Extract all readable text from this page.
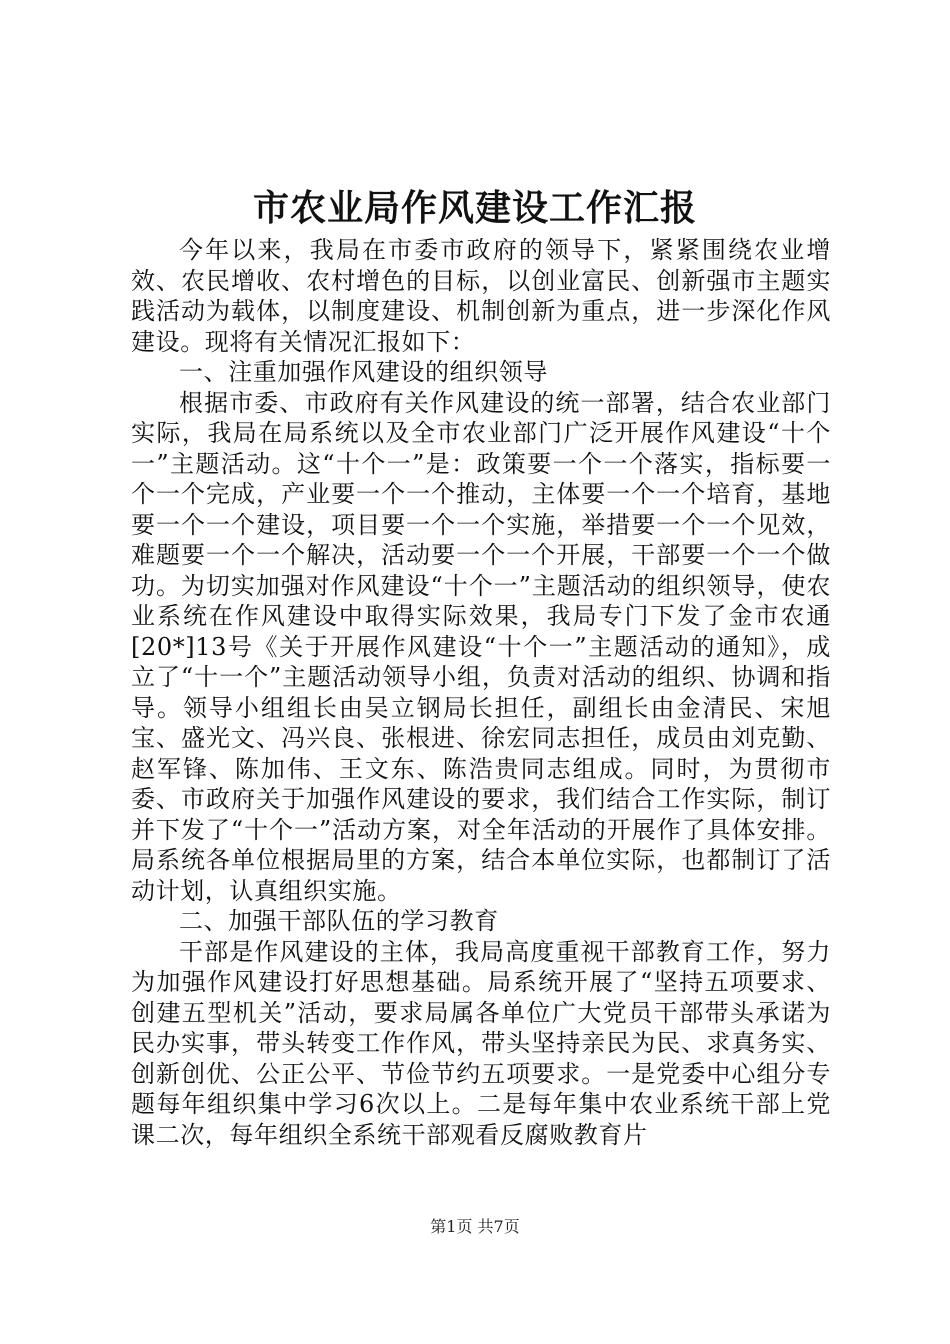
市农业局作风建设工作汇报

今年以来，我局在市委市政府的领导下，紧紧围绕农业增效、农民增收、农村增色的目标，以创业富民、创新强市主题实践活动为载体，以制度建设、机制创新为重点，进一步深化作风建设。现将有关情况汇报如下：

一、注重加强作风建设的组织领导

根据市委、市政府有关作风建设的统一部署，结合农业部门实际，我局在局系统以及全市农业部门广泛开展作风建设“十个一”主题活动。这“十个一”是：政策要一个一个落实，指标要一个一个完成，产业要一个一个推动，主体要一个一个培育，基地要一个一个建设，项目要一个一个实施，举措要一个一个见效，难题要一个一个解决，活动要一个一个开展，干部要一个一个做功。为切实加强对作风建设“十个一”主题活动的组织领导，使农业系统在作风建设中取得实际效果，我局专门下发了金市农通[20*]13号《关于开展作风建设“十个一”主题活动的通知》，成立了“十一个”主题活动领导小组，负责对活动的组织、协调和指导。领导小组组长由吴立钢局长担任，副组长由金清民、宋旭宝、盛光文、冯兴良、张根进、徐宏同志担任，成员由刘克勤、赵军锋、陈加伟、王文东、陈浩贵同志组成。同时，为贯彻市委、市政府关于加强作风建设的要求，我们结合工作实际，制订并下发了“十个一”活动方案，对全年活动的开展作了具体安排。局系统各单位根据局里的方案，结合本单位实际，也都制订了活动计划，认真组织实施。

二、加强干部队伍的学习教育

干部是作风建设的主体，我局高度重视干部教育工作，努力为加强作风建设打好思想基础。局系统开展了“坚持五项要求、创建五型机关”活动，要求局属各单位广大党员干部带头承诺为民办实事，带头转变工作作风，带头坚持亲民为民、求真务实、创新创优、公正公平、节俭节约五项要求。一是党委中心组分专题每年组织集中学习6次以上。二是每年集中农业系统干部上党课二次，每年组织全系统干部观看反腐败教育片

第1页 共7页
